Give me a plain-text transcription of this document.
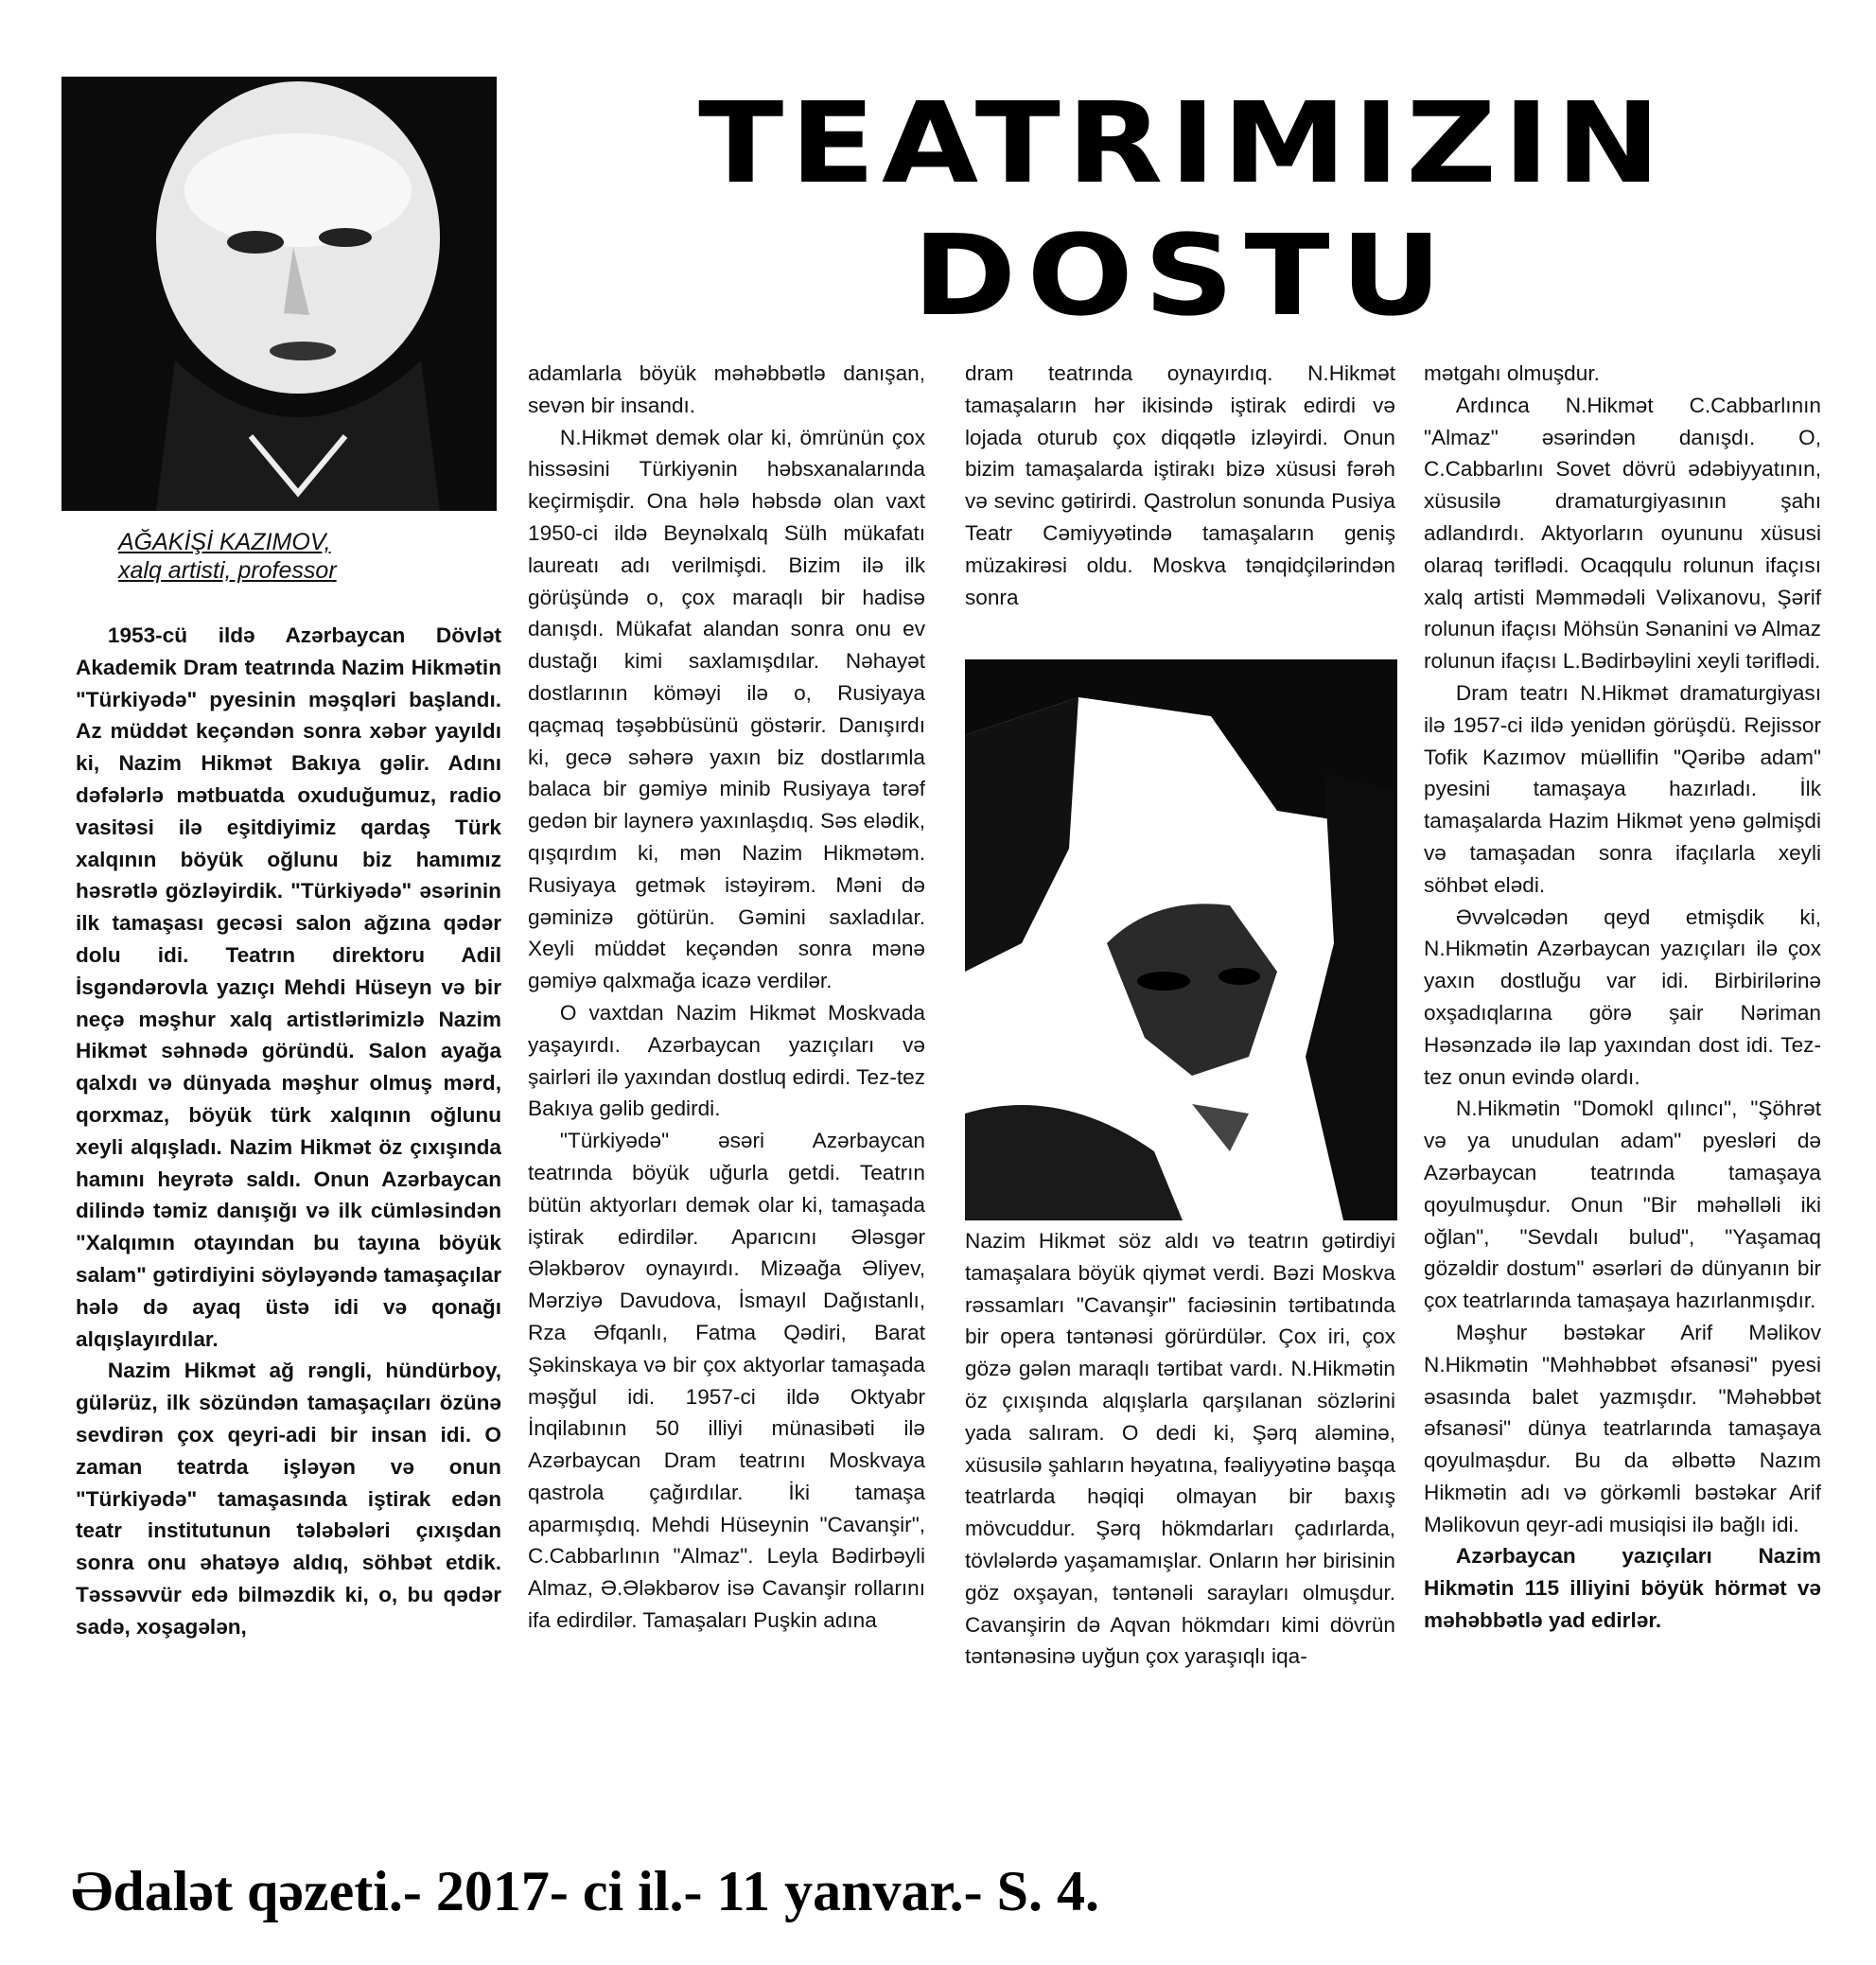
TEATRIMIZIN
DOSTU
AĞAKİŞİ KAZIMOV,
xalq artisti, professor

1953-cü ildə Azərbaycan Dövlət Akademik Dram teatrında Nazim Hikmətin "Türkiyədə" pyesinin məşqləri başlandı. Az müddət keçəndən sonra xəbər yayıldı ki, Nazim Hikmət Bakıya gəlir. Adını dəfələrlə mətbuatda oxuduğumuz, radio vasitəsi ilə eşitdiyimiz qardaş Türk xalqının böyük oğlunu biz hamımız həsrətlə gözləyirdik. "Türkiyədə" əsərinin ilk tamaşası gecəsi salon ağzına qədər dolu idi. Teatrın direktoru Adil İsgəndərovla yazıçı Mehdi Hüseyn və bir neçə məşhur xalq artistlərimizlə Nazim Hikmət səhnədə göründü. Salon ayağa qalxdı və dünyada məşhur olmuş mərd, qorxmaz, böyük türk xalqının oğlunu xeyli alqışladı. Nazim Hikmət öz çıxışında hamını heyrətə saldı. Onun Azərbaycan dilində təmiz danışığı və ilk cümləsindən "Xalqımın otayından bu tayına böyük salam" gətirdiyini söyləyəndə tamaşaçılar hələ də ayaq üstə idi və qonağı alqışlayırdılar.

Nazim Hikmət ağ rəngli, hündürboy, gülərüz, ilk sözündən tamaşaçıları özünə sevdirən çox qeyri-adi bir insan idi. O zaman teatrda işləyən və onun "Türkiyədə" tamaşasında iştirak edən teatr institutunun tələbələri çıxışdan sonra onu əhatəyə aldıq, söhbət etdik. Təssəvvür edə bilməzdik ki, o, bu qədər sadə, xoşagələn,

adamlarla böyük məhəbbətlə danışan, sevən bir insandı.

N.Hikmət demək olar ki, ömrünün çox hissəsini Türkiyənin həbsxanalarında keçirmişdir. Ona hələ həbsdə olan vaxt 1950-ci ildə Beynəlxalq Sülh mükafatı laureatı adı verilmişdi. Bizim ilə ilk görüşündə o, çox maraqlı bir hadisə danışdı. Mükafat alandan sonra onu ev dustağı kimi saxlamışdılar. Nəhayət dostlarının köməyi ilə o, Rusiyaya qaçmaq təşəbbüsünü göstərir. Danışırdı ki, gecə səhərə yaxın biz dostlarımla balaca bir gəmiyə minib Rusiyaya tərəf gedən bir laynerə yaxınlaşdıq. Səs elədik, qışqırdım ki, mən Nazim Hikmətəm. Rusiyaya getmək istəyirəm. Məni də gəminizə götürün. Gəmini saxladılar. Xeyli müddət keçəndən sonra mənə gəmiyə qalxmağa icazə verdilər.

O vaxtdan Nazim Hikmət Moskvada yaşayırdı. Azərbaycan yazıçıları və şairləri ilə yaxından dostluq edirdi. Tez-tez Bakıya gəlib gedirdi.

"Türkiyədə" əsəri Azərbaycan teatrında böyük uğurla getdi. Teatrın bütün aktyorları demək olar ki, tamaşada iştirak edirdilər. Aparıcını Ələsgər Ələkbərov oynayırdı. Mizəağa Əliyev, Mərziyə Davudova, İsmayıl Dağıstanlı, Rza Əfqanlı, Fatma Qədiri, Barat Şəkinskaya və bir çox aktyorlar tamaşada məşğul idi. 1957-ci ildə Oktyabr İnqilabının 50 illiyi münasibəti ilə Azərbaycan Dram teatrını Moskvaya qastrola çağırdılar. İki tamaşa aparmışdıq. Mehdi Hüseynin "Cavanşir", C.Cabbarlının "Almaz". Leyla Bədirbəyli Almaz, Ə.Ələkbərov isə Cavanşir rollarını ifa edirdilər. Tamaşaları Puşkin adına

dram teatrında oynayırdıq. N.Hikmət tamaşaların hər ikisində iştirak edirdi və lojada oturub çox diqqətlə izləyirdi. Onun bizim tamaşalarda iştirakı bizə xüsusi fərəh və sevinc gətirirdi. Qastrolun sonunda Pusiya Teatr Cəmiyyətində tamaşaların geniş müzakirəsi oldu. Moskva tənqidçilərindən sonra

Nazim Hikmət söz aldı və teatrın gətirdiyi tamaşalara böyük qiymət verdi. Bəzi Moskva rəssamları "Cavanşir" faciəsinin tərtibatında bir opera təntənəsi görürdülər. Çox iri, çox gözə gələn maraqlı tərtibat vardı. N.Hikmətin öz çıxışında alqışlarla qarşılanan sözlərini yada salıram. O dedi ki, Şərq aləminə, xüsusilə şahların həyatına, fəaliyyətinə başqa teatrlarda həqiqi olmayan bir baxış mövcuddur. Şərq hökmdarları çadırlarda, tövlələrdə yaşamamışlar. Onların hər birisinin göz oxşayan, təntənəli sarayları olmuşdur. Cavanşirin də Aqvan hökmdarı kimi dövrün təntənəsinə uyğun çox yaraşıqlı iqa-

mətgahı olmuşdur.

Ardınca N.Hikmət C.Cabbarlının "Almaz" əsərindən danışdı. O, C.Cabbarlını Sovet dövrü ədəbiyyatının, xüsusilə dramaturgiyasının şahı adlandırdı. Aktyorların oyununu xüsusi olaraq təriflədi. Ocaqqulu rolunun ifaçısı xalq artisti Məmmədəli Vəlixanovu, Şərif rolunun ifaçısı Möhsün Sənanini və Almaz rolunun ifaçısı L.Bədirbəylini xeyli təriflədi.

Dram teatrı N.Hikmət dramaturgiyası ilə 1957-ci ildə yenidən görüşdü. Rejissor Tofik Kazımov müəllifin "Qəribə adam" pyesini tamaşaya hazırladı. İlk tamaşalarda Hazim Hikmət yenə gəlmişdi və tamaşadan sonra ifaçılarla xeyli söhbət elədi.

Əvvəlcədən qeyd etmişdik ki, N.Hikmətin Azərbaycan yazıçıları ilə çox yaxın dostluğu var idi. Birbirilərinə oxşadıqlarına görə şair Nəriman Həsənzadə ilə lap yaxından dost idi. Tez-tez onun evində olardı.

N.Hikmətin "Domokl qılıncı", "Şöhrət və ya unudulan adam" pyesləri də Azərbaycan teatrında tamaşaya qoyulmuşdur. Onun "Bir məhəlləli iki oğlan", "Sevdalı bulud", "Yaşamaq gözəldir dostum" əsərləri də dünyanın bir çox teatrlarında tamaşaya hazırlanmışdır.

Məşhur bəstəkar Arif Məlikov N.Hikmətin "Məhhəbbət əfsanəsi" pyesi əsasında balet yazmışdır. "Məhəbbət əfsanəsi" dünya teatrlarında tamaşaya qoyulmaşdur. Bu da əlbəttə Nazım Hikmətin adı və görkəmli bəstəkar Arif Məlikovun qeyr-adi musiqisi ilə bağlı idi.

Azərbaycan yazıçıları Nazim Hikmətin 115 illiyini böyük hörmət və məhəbbətlə yad edirlər.

Ədalət qəzeti.- 2017- ci il.- 11 yanvar.- S. 4.
